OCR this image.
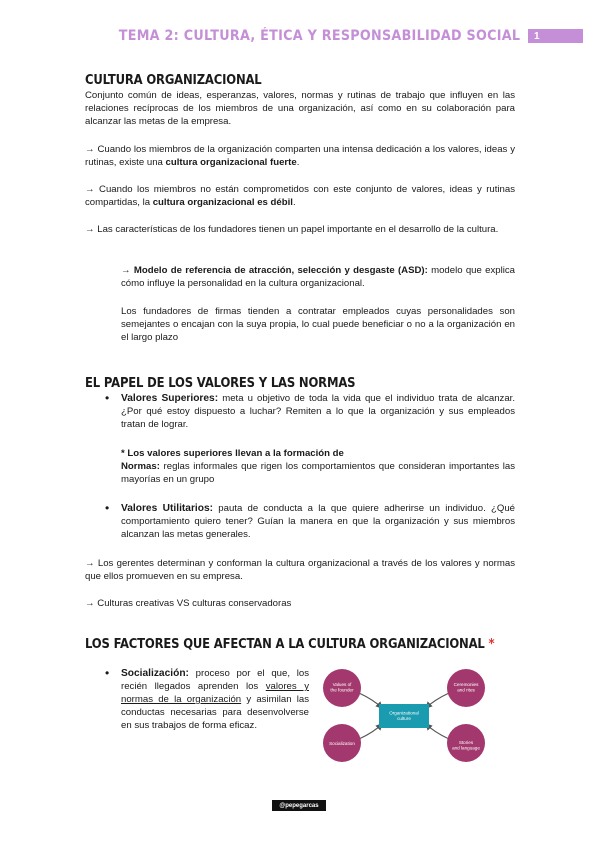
TEMA 2: CULTURA, ÉTICA Y RESPONSABILIDAD SOCIAL	1
CULTURA ORGANIZACIONAL

Conjunto común de ideas, esperanzas, valores, normas y rutinas de trabajo que influyen en las relaciones recíprocas de los miembros de una organización, así como en su colaboración para alcanzar las metas de la empresa.

→ Cuando los miembros de la organización comparten una intensa dedicación a los valores, ideas y rutinas, existe una cultura organizacional fuerte.

→ Cuando los miembros no están comprometidos con este conjunto de valores, ideas y rutinas compartidas, la cultura organizacional es débil.

→ Las características de los fundadores tienen un papel importante en el desarrollo de la cultura.

→ Modelo de referencia de atracción, selección y desgaste (ASD): modelo que explica cómo influye la personalidad en la cultura organizacional.

Los fundadores de firmas tienden a contratar empleados cuyas personalidades son semejantes o encajan con la suya propia, lo cual puede beneficiar o no a la organización en el largo plazo

EL PAPEL DE LOS VALORES Y LAS NORMAS
• Valores Superiores: meta u objetivo de toda la vida que el individuo trata de alcanzar. ¿Por qué estoy dispuesto a luchar? Remiten a lo que la organización y sus empleados tratan de lograr.

* Los valores superiores llevan a la formación de
Normas: reglas informales que rigen los comportamientos que consideran importantes las mayorías en un grupo

• Valores Utilitarios: pauta de conducta a la que quiere adherirse un individuo. ¿Qué comportamiento quiero tener? Guían la manera en que la organización y sus miembros alcanzan las metas generales.

→ Los gerentes determinan y conforman la cultura organizacional a través de los valores y normas que ellos promueven en su empresa.

→ Culturas creativas VS culturas conservadoras

LOS FACTORES QUE AFECTAN A LA CULTURA ORGANIZACIONAL *
• Socialización: proceso por el que, los recién llegados aprenden los valores y normas de la organización y asimilan las conductas necesarias para desenvolverse en sus trabajos de forma eficaz.

Values of
the founder
Ceremonies
and rites
Socialization	Stories
and language
Organizational
culture
@pepegarcas
